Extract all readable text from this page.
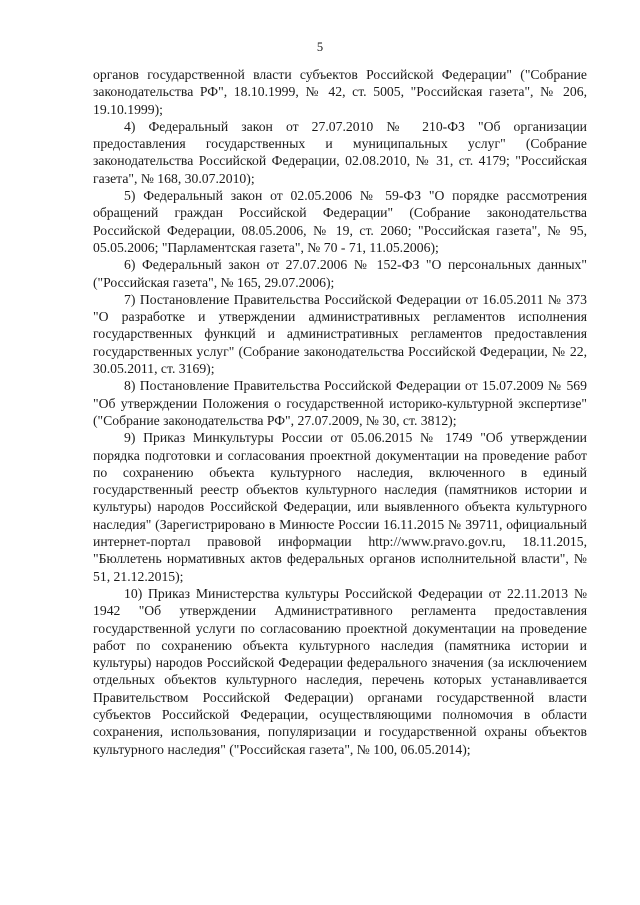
5

органов государственной власти субъектов Российской Федерации" ("Собрание законодательства РФ", 18.10.1999, № 42, ст. 5005, "Российская газета", № 206, 19.10.1999);

4) Федеральный закон от 27.07.2010 № 210-ФЗ "Об организации предоставления государственных и муниципальных услуг" (Собрание законодательства Российской Федерации, 02.08.2010, № 31, ст. 4179; "Российская газета", № 168, 30.07.2010);

5) Федеральный закон от 02.05.2006 № 59-ФЗ "О порядке рассмотрения обращений граждан Российской Федерации" (Собрание законодательства Российской Федерации, 08.05.2006, № 19, ст. 2060; "Российская газета", № 95, 05.05.2006; "Парламентская газета", № 70 - 71, 11.05.2006);

6) Федеральный закон от 27.07.2006 № 152-ФЗ "О персональных данных" ("Российская газета", № 165, 29.07.2006);

7) Постановление Правительства Российской Федерации от 16.05.2011 № 373 "О разработке и утверждении административных регламентов исполнения государственных функций и административных регламентов предоставления государственных услуг" (Собрание законодательства Российской Федерации, № 22, 30.05.2011, ст. 3169);

8) Постановление Правительства Российской Федерации от 15.07.2009 № 569 "Об утверждении Положения о государственной историко-культурной экспертизе" ("Собрание законодательства РФ", 27.07.2009, № 30, ст. 3812);

9) Приказ Минкультуры России от 05.06.2015 № 1749 "Об утверждении порядка подготовки и согласования проектной документации на проведение работ по сохранению объекта культурного наследия, включенного в единый государственный реестр объектов культурного наследия (памятников истории и культуры) народов Российской Федерации, или выявленного объекта культурного наследия" (Зарегистрировано в Минюсте России 16.11.2015 № 39711, официальный интернет-портал правовой информации http://www.pravo.gov.ru, 18.11.2015, "Бюллетень нормативных актов федеральных органов исполнительной власти", № 51, 21.12.2015);

10) Приказ Министерства культуры Российской Федерации от 22.11.2013 № 1942 "Об утверждении Административного регламента предоставления государственной услуги по согласованию проектной документации на проведение работ по сохранению объекта культурного наследия (памятника истории и культуры) народов Российской Федерации федерального значения (за исключением отдельных объектов культурного наследия, перечень которых устанавливается Правительством Российской Федерации) органами государственной власти субъектов Российской Федерации, осуществляющими полномочия в области сохранения, использования, популяризации и государственной охраны объектов культурного наследия" ("Российская газета", № 100, 06.05.2014);
